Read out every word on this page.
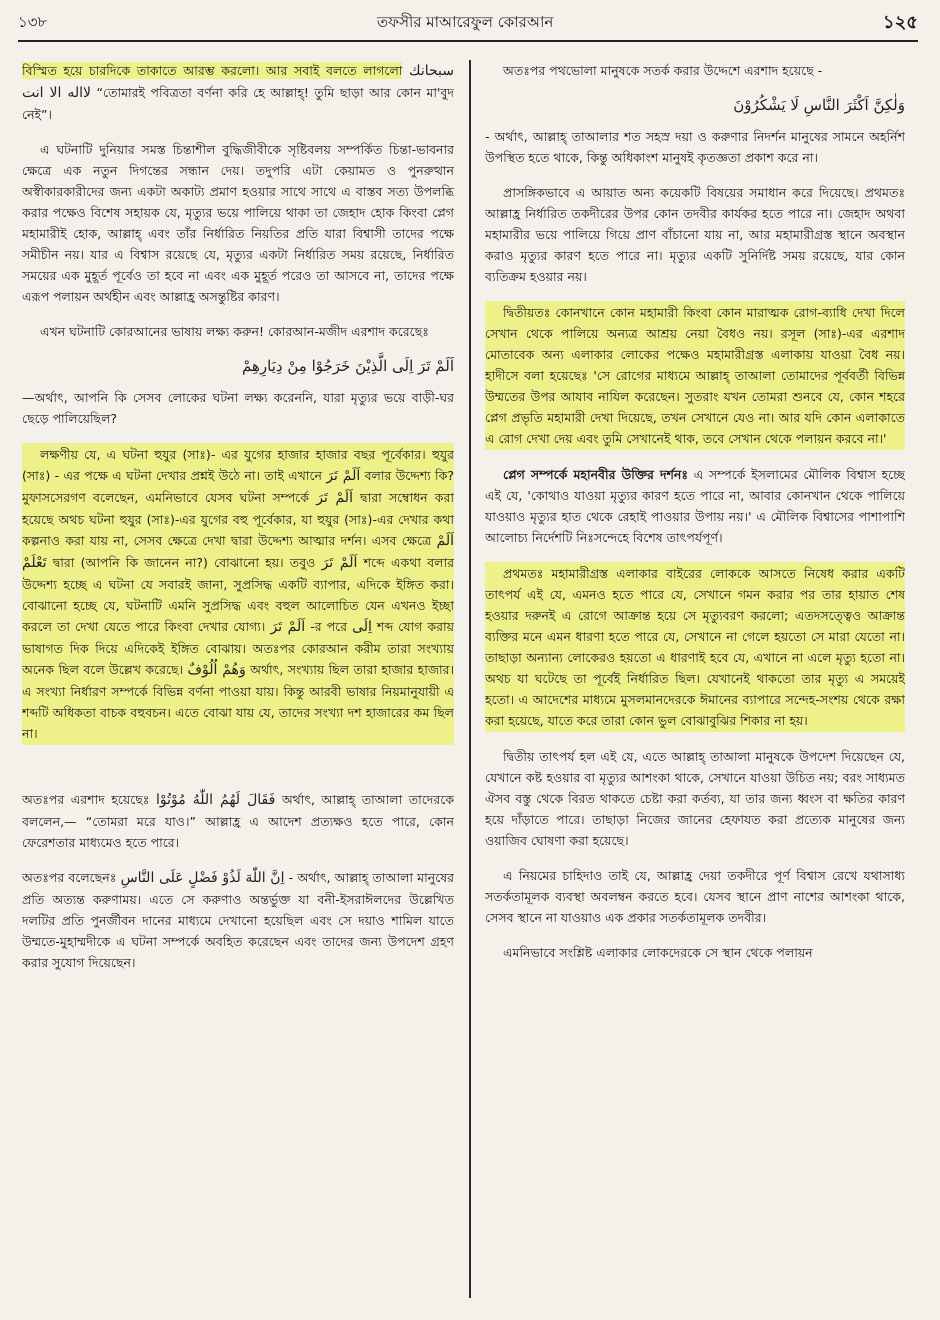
১৩৮	তফসীর মাআরেফুল কোরআন	১২৫

বিস্মিত হয়ে চারদিকে তাকাতে আরম্ভ করলো। আর সবাই বলতে লাগলো سبحانك لااله الا انت “তোমারই পবিত্রতা বর্ণনা করি হে আল্লাহ্! তুমি ছাড়া আর কোন মা'বুদ নেই”।

এ ঘটনাটি দুনিয়ার সমস্ত চিন্তাশীল বুদ্ধিজীবীকে সৃষ্টিবলয় সম্পর্কিত চিন্তা-ভাবনার ক্ষেত্রে এক নতুন দিগন্তের সন্ধান দেয়। তদুপরি এটা কেয়ামত ও পুনরুত্থান অস্বীকারকারীদের জন্য একটা অকাট্য প্রমাণ হওয়ার সাথে সাথে এ বাস্তব সত্য উপলব্ধি করার পক্ষেও বিশেষ সহায়ক যে, মৃত্যুর ভয়ে পালিয়ে থাকা তা জেহাদ হোক কিংবা প্লেগ মহামারীই হোক, আল্লাহ্ এবং তাঁর নির্ধারিত নিয়তির প্রতি যারা বিশ্বাসী তাদের পক্ষে সমীচীন নয়। যার এ বিশ্বাস রয়েছে যে, মৃত্যুর একটা নির্ধারিত সময় রয়েছে, নির্ধারিত সময়ের এক মুহূর্ত পূর্বেও তা হবে না এবং এক মুহূর্ত পরেও তা আসবে না, তাদের পক্ষে এরূপ পলায়ন অর্থহীন এবং আল্লাহ্র অসন্তুষ্টির কারণ।

এখন ঘটনাটি কোরআনের ভাষায় লক্ষ্য করুন! কোরআন-মজীদ এরশাদ করেছেঃ

اَلَمْ تَرَ اِلَى الَّذِيْنَ خَرَجُوْا مِنْ دِيَارِهِمْ

—অর্থাৎ, আপনি কি সেসব লোকের ঘটনা লক্ষ্য করেননি, যারা মৃত্যুর ভয়ে বাড়ী-ঘর ছেড়ে পালিয়েছিল?

লক্ষণীয় যে, এ ঘটনা হুযুর (সাঃ)- এর যুগের হাজার হাজার বছর পূর্বেকার। হুযুর (সাঃ) - এর পক্ষে এ ঘটনা দেখার প্রশ্নই উঠে না। তাই এখানে اَلَمْ تَرَ বলার উদ্দেশ্য কি? মুফাসসেরগণ বলেছেন, এমনিভাবে যেসব ঘটনা সম্পর্কে اَلَمْ تَرَ দ্বারা সম্বোধন করা হয়েছে অথচ ঘটনা হুযুর (সাঃ)-এর যুগের বহু পূর্বেকার, যা হুযুর (সাঃ)-এর দেখার কথা কল্পনাও করা যায় না, সেসব ক্ষেত্রে দেখা দ্বারা উদ্দেশ্য আত্মার দর্শন। এসব ক্ষেত্রে اَلَمْ تَعْلَمْ দ্বারা (আপনি কি জানেন না?) বোঝানো হয়। তবুও اَلَمْ تَرَ শব্দে একথা বলার উদ্দেশ্য হচ্ছে এ ঘটনা যে সবারই জানা, সুপ্রসিদ্ধ একটি ব্যাপার, এদিকে ইঙ্গিত করা। বোঝানো হচ্ছে যে, ঘটনাটি এমনি সুপ্রসিদ্ধ এবং বহুল আলোচিত যেন এখনও ইচ্ছা করলে তা দেখা যেতে পারে কিংবা দেখার যোগ্য। اَلَمْ تَرَ -র পরে اِلَى শব্দ যোগ করায় ভাষাগত দিক দিয়ে এদিকেই ইঙ্গিত বোঝায়। অতঃপর কোরআন করীম তারা সংখ্যায় অনেক ছিল বলে উল্লেখ করেছে। وَهُمْ اُلُوْفٌ অর্থাৎ, সংখ্যায় ছিল তারা হাজার হাজার। এ সংখ্যা নির্ধারণ সম্পর্কে বিভিন্ন বর্ণনা পাওয়া যায়। কিন্তু আরবী ভাষার নিয়মানুযায়ী এ শব্দটি অধিকতা বাচক বহুবচন। এতে বোঝা যায় যে, তাদের সংখ্যা দশ হাজারের কম ছিল না।

অতঃপর এরশাদ হয়েছেঃ فَقَالَ لَهُمُ اللّٰهُ مُوْتُوْا অর্থাৎ, আল্লাহ্ তাআলা তাদেরকে বললেন,— “তোমরা মরে যাও।” আল্লাহ্র এ আদেশ প্রত্যক্ষও হতে পারে, কোন ফেরেশতার মাধ্যমেও হতে পারে।

অতঃপর বলেছেনঃ اِنَّ اللّٰهَ لَذُوْ فَضْلٍ عَلَى النَّاسِ - অর্থাৎ, আল্লাহ্ তাআলা মানুষের প্রতি অত্যন্ত করুণাময়। এতে সে করুণাও অন্তর্ভুক্ত যা বনী-ইসরাঈলদের উল্লেখিত দলটির প্রতি পুনর্জীবন দানের মাধ্যমে দেখানো হয়েছিল এবং সে দয়াও শামিল যাতে উম্মতে-মুহাম্মদীকে এ ঘটনা সম্পর্কে অবহিত করেছেন এবং তাদের জন্য উপদেশ গ্রহণ করার সুযোগ দিয়েছেন।

অতঃপর পথভোলা মানুষকে সতর্ক করার উদ্দেশে এরশাদ হয়েছে -

وَلٰكِنَّ اَكْثَرَ النَّاسِ لَا يَشْكُرُوْنَ

- অর্থাৎ, আল্লাহ্ তাআলার শত সহস্র দয়া ও করুণার নিদর্শন মানুষের সামনে অহর্নিশ উপস্থিত হতে থাকে, কিন্তু অধিকাংশ মানুষই কৃতজ্ঞতা প্রকাশ করে না।

প্রাসঙ্গিকভাবে এ আয়াত অন্য কয়েকটি বিষয়ের সমাধান করে দিয়েছে। প্রথমতঃ আল্লাহ্র নির্ধারিত তকদীরের উপর কোন তদবীর কার্যকর হতে পারে না। জেহাদ অথবা মহামারীর ভয়ে পালিয়ে গিয়ে প্রাণ বাঁচানো যায় না, আর মহামারীগ্রস্ত স্থানে অবস্থান করাও মৃত্যুর কারণ হতে পারে না। মৃত্যুর একটি সুনির্দিষ্ট সময় রয়েছে, যার কোন ব্যতিক্রম হওয়ার নয়।

দ্বিতীয়তঃ কোনখানে কোন মহামারী কিংবা কোন মারাত্মক রোগ-ব্যাধি দেখা দিলে সেখান থেকে পালিয়ে অন্যত্র আশ্রয় নেয়া বৈধও নয়। রসূল (সাঃ)-এর এরশাদ মোতাবেক অন্য এলাকার লোকের পক্ষেও মহামারীগ্রস্ত এলাকায় যাওয়া বৈধ নয়। হাদীসে বলা হয়েছেঃ 'সে রোগের মাধ্যমে আল্লাহ্ তাআলা তোমাদের পূর্ববর্তী বিভিন্ন উম্মতের উপর আযাব নাযিল করেছেন। সুতরাং যখন তোমরা শুনবে যে, কোন শহরে প্লেগ প্রভৃতি মহামারী দেখা দিয়েছে, তখন সেখানে যেও না। আর যদি কোন এলাকাতে এ রোগ দেখা দেয় এবং তুমি সেখানেই থাক, তবে সেখান থেকে পলায়ন করবে না।'

প্লেগ সম্পর্কে মহানবীর উক্তির দর্শনঃ এ সম্পর্কে ইসলামের মৌলিক বিশ্বাস হচ্ছে এই যে, 'কোথাও যাওয়া মৃত্যুর কারণ হতে পারে না, আবার কোনখান থেকে পালিয়ে যাওয়াও মৃত্যুর হাত থেকে রেহাই পাওয়ার উপায় নয়।' এ মৌলিক বিশ্বাসের পাশাপাশি আলোচ্য নির্দেশটি নিঃসন্দেহে বিশেষ তাৎপর্যপূর্ণ।

প্রথমতঃ মহামারীগ্রস্ত এলাকার বাইরের লোককে আসতে নিষেধ করার একটি তাৎপর্য এই যে, এমনও হতে পারে যে, সেখানে গমন করার পর তার হায়াত শেষ হওয়ার দরুনই এ রোগে আক্রান্ত হয়ে সে মৃত্যুবরণ করলো; এতদসত্ত্বেও আক্রান্ত ব্যক্তির মনে এমন ধারণা হতে পারে যে, সেখানে না গেলে হয়তো সে মারা যেতো না। তাছাড়া অন্যান্য লোকেরও হয়তো এ ধারণাই হবে যে, এখানে না এলে মৃত্যু হতো না। অথচ যা ঘটেছে তা পূর্বেই নির্ধারিত ছিল। যেখানেই থাকতো তার মৃত্যু এ সময়েই হতো। এ আদেশের মাধ্যমে মুসলমানদেরকে ঈমানের ব্যাপারে সন্দেহ-সংশয় থেকে রক্ষা করা হয়েছে, যাতে করে তারা কোন ভুল বোঝাবুঝির শিকার না হয়।

দ্বিতীয় তাৎপর্য হল এই যে, এতে আল্লাহ্ তাআলা মানুষকে উপদেশ দিয়েছেন যে, যেখানে কষ্ট হওয়ার বা মৃত্যুর আশংকা থাকে, সেখানে যাওয়া উচিত নয়; বরং সাধ্যমত ঐসব বস্তু থেকে বিরত থাকতে চেষ্টা করা কর্তব্য, যা তার জন্য ধ্বংস বা ক্ষতির কারণ হয়ে দাঁড়াতে পারে। তাছাড়া নিজের জানের হেফাযত করা প্রত্যেক মানুষের জন্য ওয়াজিব ঘোষণা করা হয়েছে।

এ নিয়মের চাহিদাও তাই যে, আল্লাহ্র দেয়া তকদীরে পূর্ণ বিশ্বাস রেখে যথাসাধ্য সতর্কতামূলক ব্যবস্থা অবলম্বন করতে হবে। যেসব স্থানে প্রাণ নাশের আশংকা থাকে, সেসব স্থানে না যাওয়াও এক প্রকার সতর্কতামূলক তদবীর।

এমনিভাবে সংশ্লিষ্ট এলাকার লোকদেরকে সে স্থান থেকে পলায়ন
